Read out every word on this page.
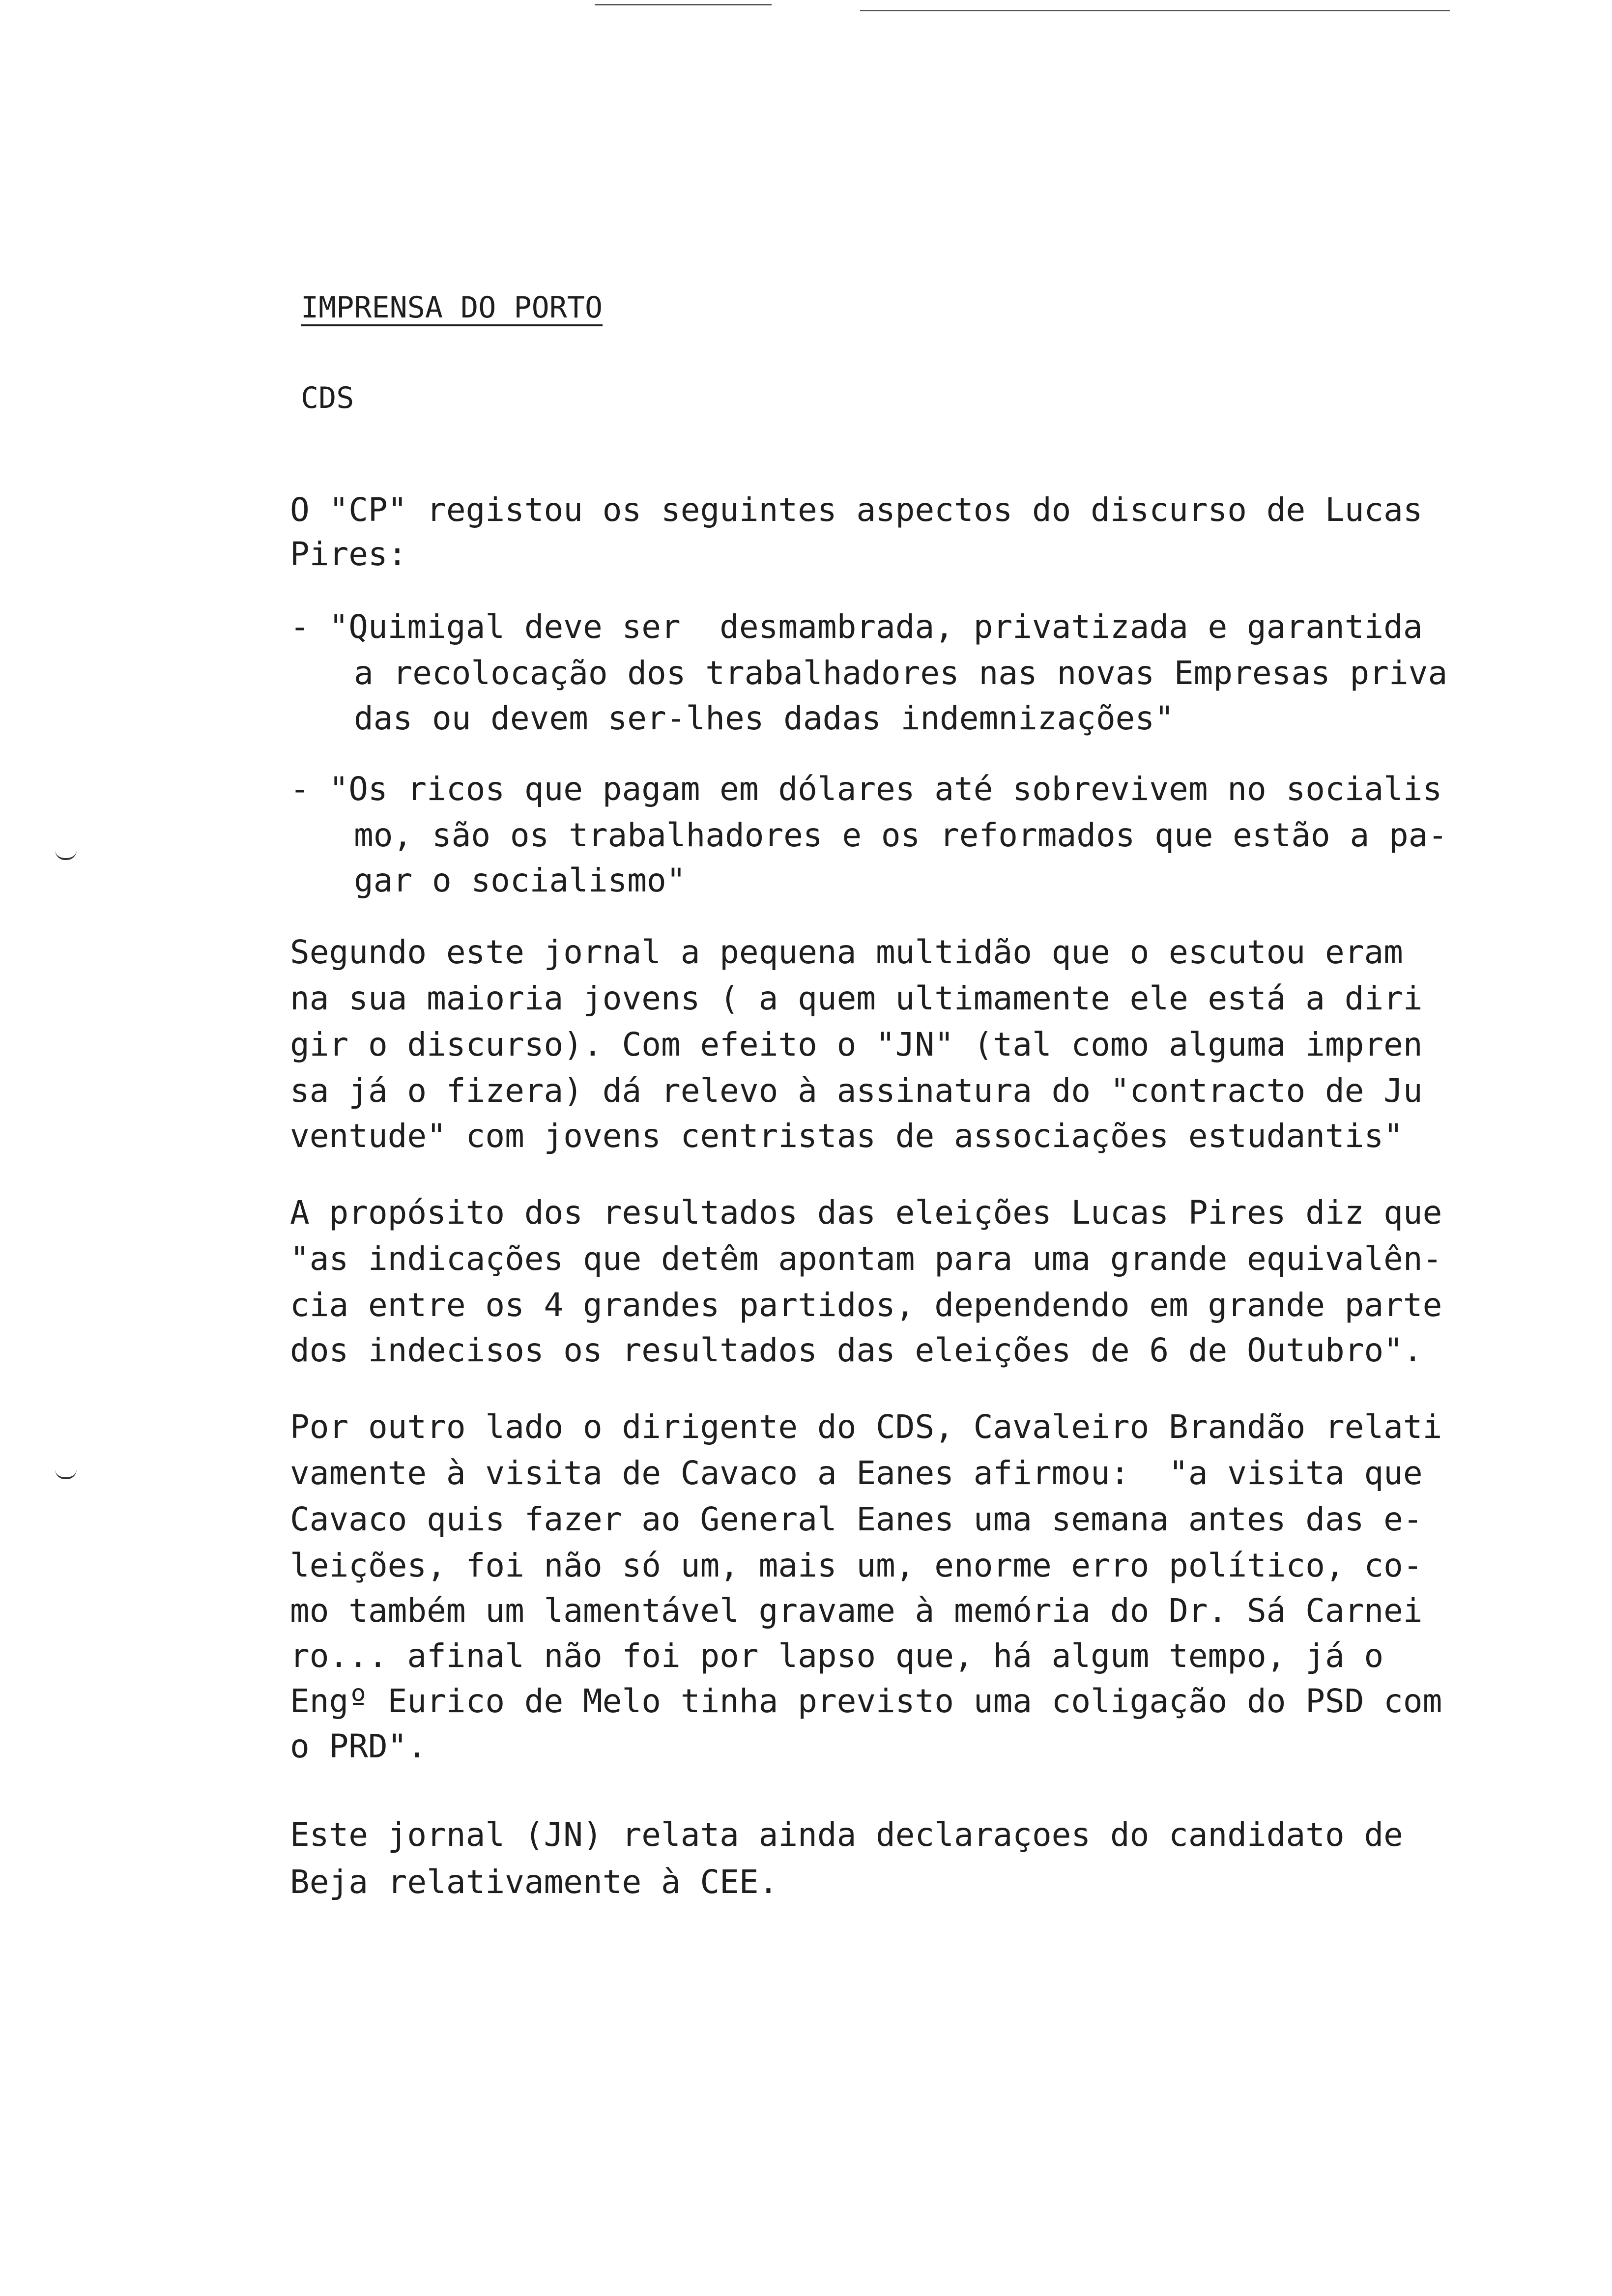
IMPRENSA DO PORTO
CDS
O "CP" registou os seguintes aspectos do discurso de Lucas
Pires:
- "Quimigal deve ser  desmambrada, privatizada e garantida
a recolocação dos trabalhadores nas novas Empresas priva
das ou devem ser-lhes dadas indemnizações"
- "Os ricos que pagam em dólares até sobrevivem no socialis
mo, são os trabalhadores e os reformados que estão a pa-
gar o socialismo"
Segundo este jornal a pequena multidão que o escutou eram
na sua maioria jovens ( a quem ultimamente ele está a diri
gir o discurso). Com efeito o "JN" (tal como alguma impren
sa já o fizera) dá relevo à assinatura do "contracto de Ju
ventude" com jovens centristas de associações estudantis"
A propósito dos resultados das eleições Lucas Pires diz que
"as indicações que detêm apontam para uma grande equivalên-
cia entre os 4 grandes partidos, dependendo em grande parte
dos indecisos os resultados das eleições de 6 de Outubro".
Por outro lado o dirigente do CDS, Cavaleiro Brandão relati
vamente à visita de Cavaco a Eanes afirmou:  "a visita que
Cavaco quis fazer ao General Eanes uma semana antes das e-
leições, foi não só um, mais um, enorme erro político, co-
mo também um lamentável gravame à memória do Dr. Sá Carnei
ro... afinal não foi por lapso que, há algum tempo, já o
Engº Eurico de Melo tinha previsto uma coligação do PSD com
o PRD".
Este jornal (JN) relata ainda declaraçoes do candidato de
Beja relativamente à CEE.
